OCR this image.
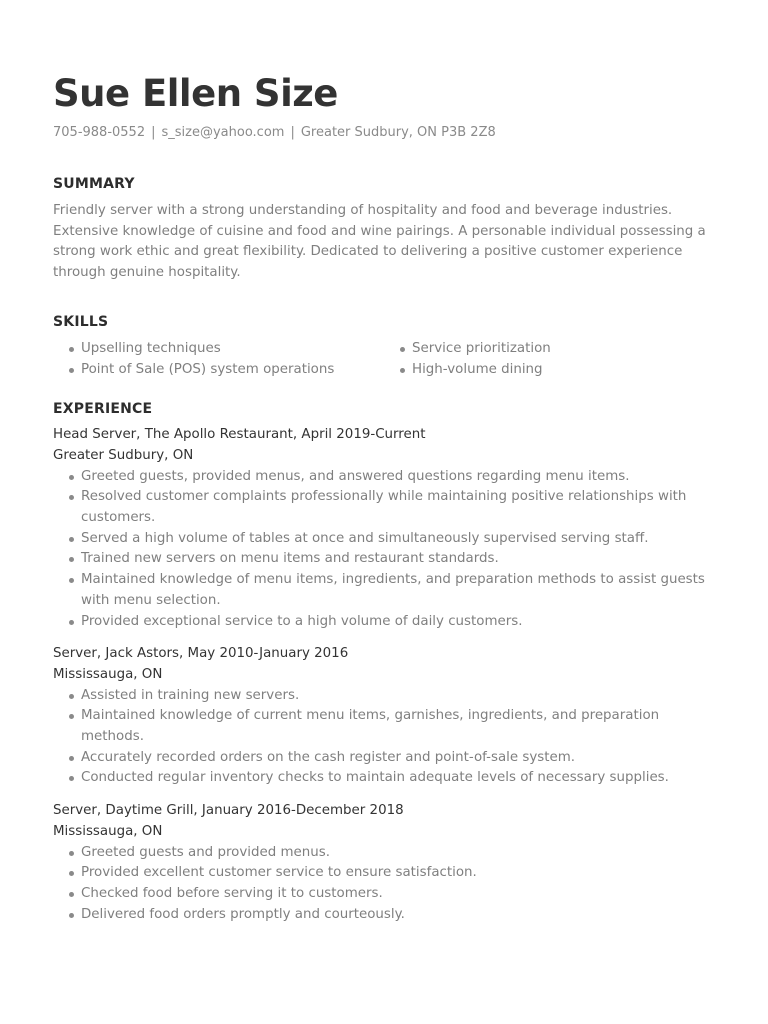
Sue Ellen Size
705-988-0552 | s_size@yahoo.com | Greater Sudbury, ON P3B 2Z8
SUMMARY
Friendly server with a strong understanding of hospitality and food and beverage industries. Extensive knowledge of cuisine and food and wine pairings. A personable individual possessing a strong work ethic and great flexibility. Dedicated to delivering a positive customer experience through genuine hospitality.
SKILLS
Upselling techniques
Point of Sale (POS) system operations
Service prioritization
High-volume dining
EXPERIENCE
Head Server, The Apollo Restaurant, April 2019-Current
Greater Sudbury, ON
Greeted guests, provided menus, and answered questions regarding menu items.
Resolved customer complaints professionally while maintaining positive relationships with customers.
Served a high volume of tables at once and simultaneously supervised serving staff.
Trained new servers on menu items and restaurant standards.
Maintained knowledge of menu items, ingredients, and preparation methods to assist guests with menu selection.
Provided exceptional service to a high volume of daily customers.
Server, Jack Astors, May 2010-January 2016
Mississauga, ON
Assisted in training new servers.
Maintained knowledge of current menu items, garnishes, ingredients, and preparation methods.
Accurately recorded orders on the cash register and point-of-sale system.
Conducted regular inventory checks to maintain adequate levels of necessary supplies.
Server, Daytime Grill, January 2016-December 2018
Mississauga, ON
Greeted guests and provided menus.
Provided excellent customer service to ensure satisfaction.
Checked food before serving it to customers.
Delivered food orders promptly and courteously.
